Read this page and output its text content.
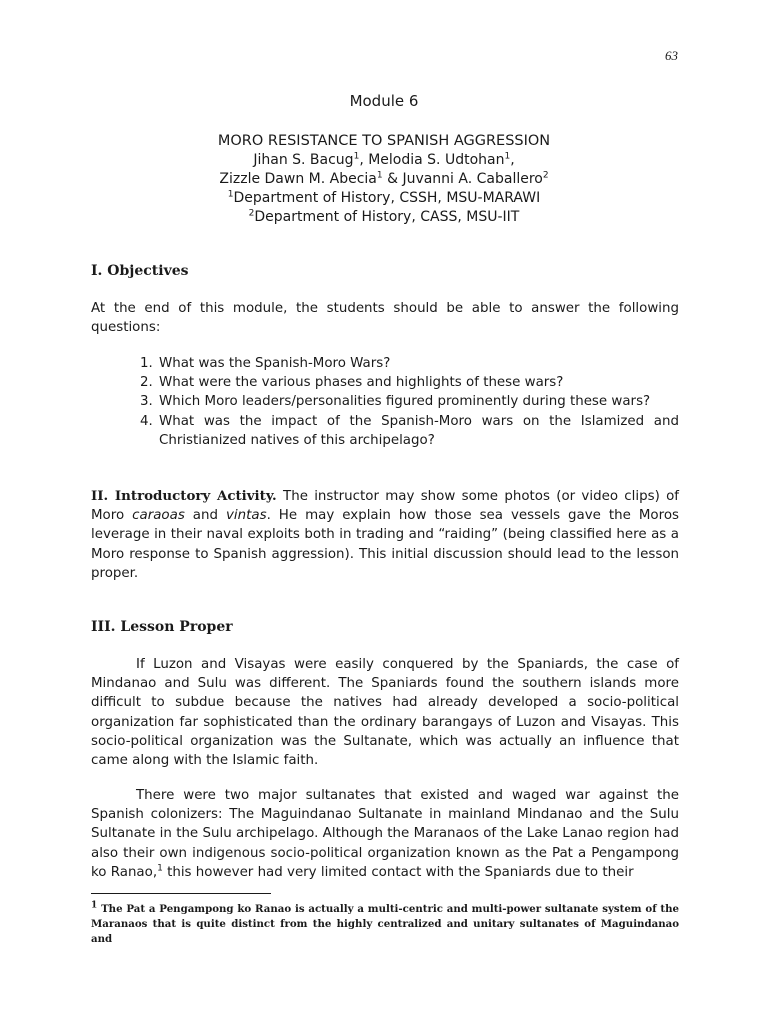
63
Module 6
MORO RESISTANCE TO SPANISH AGGRESSION
Jihan S. Bacug$^1$, Melodia S. Udtohan$^1$,
Zizzle Dawn M. Abecia$^1$ & Juvanni A. Caballero$^2$
$^1$Department of History, CSSH, MSU-MARAWI
$^2$Department of History, CASS, MSU-IIT
I. Objectives

At the end of this module, the students should be able to answer the following questions:

1. What was the Spanish-Moro Wars?
2. What were the various phases and highlights of these wars?
3. Which Moro leaders/personalities figured prominently during these wars?
4. What was the impact of the Spanish-Moro wars on the Islamized and Christianized natives of this archipelago?

II. Introductory Activity. The instructor may show some photos (or video clips) of Moro caraoas and vintas. He may explain how those sea vessels gave the Moros leverage in their naval exploits both in trading and “raiding” (being classified here as a Moro response to Spanish aggression). This initial discussion should lead to the lesson proper.

III. Lesson Proper

If Luzon and Visayas were easily conquered by the Spaniards, the case of Mindanao and Sulu was different. The Spaniards found the southern islands more difficult to subdue because the natives had already developed a socio-political organization far sophisticated than the ordinary barangays of Luzon and Visayas. This socio-political organization was the Sultanate, which was actually an influence that came along with the Islamic faith.

There were two major sultanates that existed and waged war against the Spanish colonizers: The Maguindanao Sultanate in mainland Mindanao and the Sulu Sultanate in the Sulu archipelago. Although the Maranaos of the Lake Lanao region had also their own indigenous socio-political organization known as the Pat a Pengampong ko Ranao,$^1$ this however had very limited contact with the Spaniards due to their

$^1$ The Pat a Pengampong ko Ranao is actually a multi-centric and multi-power sultanate system of the Maranaos that is quite distinct from the highly centralized and unitary sultanates of Maguindanao and
